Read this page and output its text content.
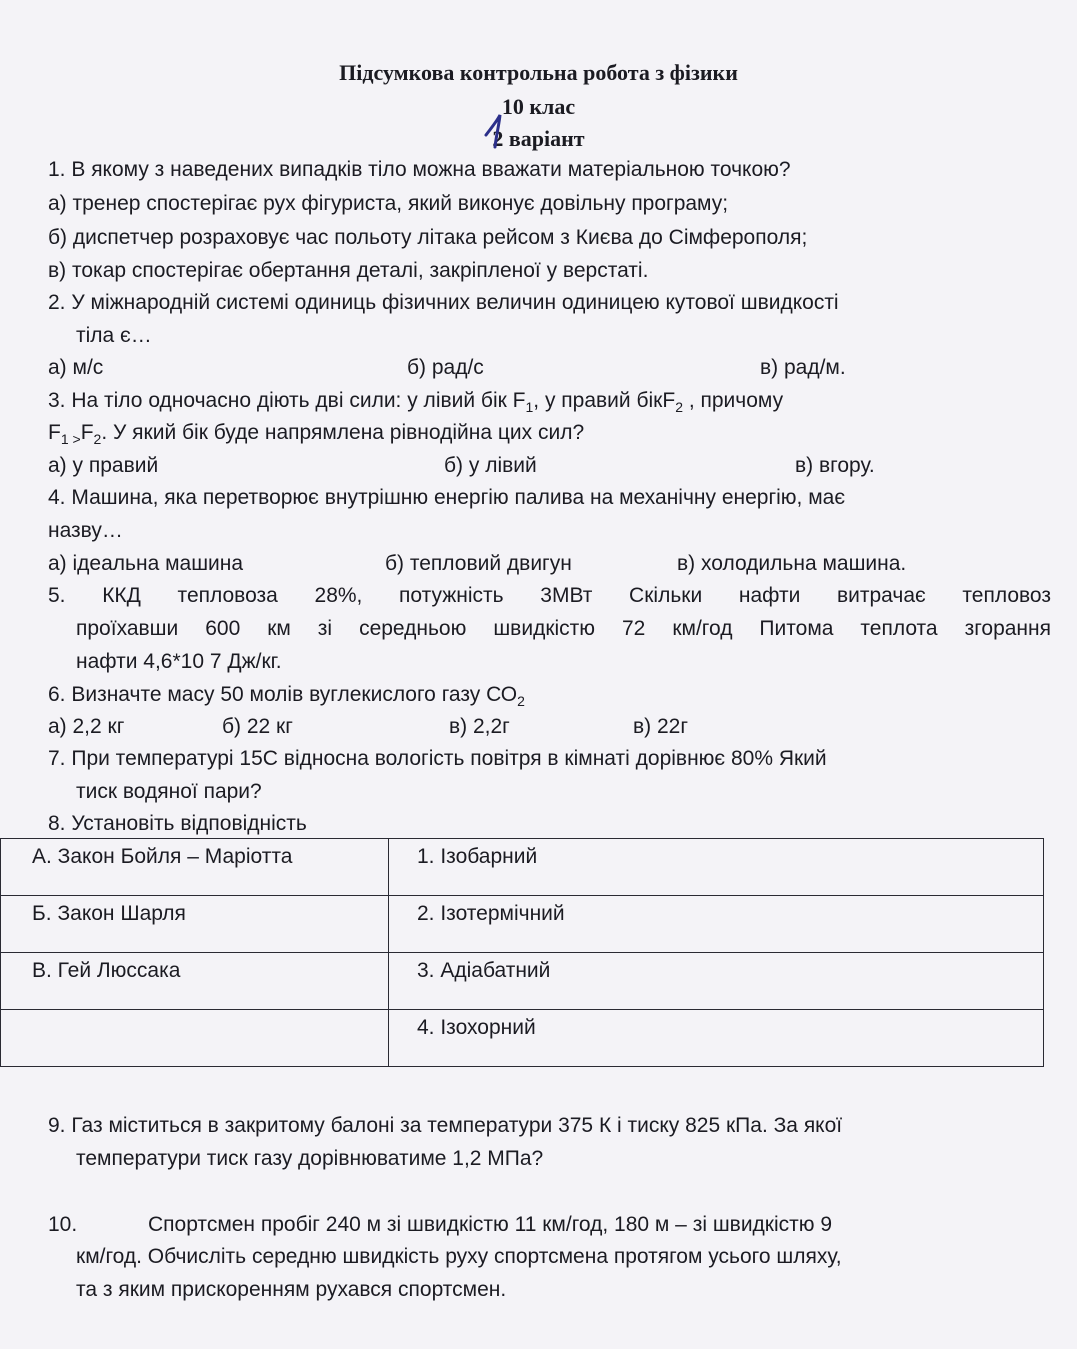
Підсумкова контрольна робота з фізики
10 клас
2 варіант
1. В якому з наведених випадків тіло можна вважати матеріальною точкою?
а) тренер спостерігає рух фігуриста, який виконує довільну програму;
б) диспетчер розраховує час польоту літака рейсом з Києва до Сімферополя;
в) токар спостерігає обертання деталі, закріпленої у верстаті.
2. У міжнародній системі одиниць фізичних величин одиницею кутової швидкості
тіла є…
а) м/с	б) рад/с	в) рад/м.
3. На тіло одночасно діють дві сили: у лівий бік $F_1$, у правий бікF$_2$ , причому
$F_{1 >}F_2$. У який бік буде напрямлена рівнодійна цих сил?
а) у правий	б) у лівий	в) вгору.
4. Машина, яка перетворює внутрішню енергію палива на механічну енергію, має
назву…
а) ідеальна машина	б) тепловий двигун	в) холодильна машина.
5. ККД тепловоза 28%, потужність 3МВт Скільки нафти витрачає тепловоз
проїхавши 600 км зі середньою швидкістю 72 км/год Питома теплота згорання
нафти 4,6*10 7 Дж/кг.
6. Визначте масу 50 молів вуглекислого газу $СО_2$
а) 2,2 кг	б) 22 кг	в) 2,2г	в) 22г
7. При температурі 15С відносна вологість повітря в кімнаті дорівнює 80% Який
тиск водяної пари?
8. Установіть відповідність
А. Закон Бойля – Маріотта	1. Ізобарний

Б. Закон Шарля	2. Ізотермічний

В. Гей Люссака	3. Адіабатний

	4. Ізохорний
9. Газ міститься в закритому балоні за температури 375 К і тиску 825 кПа. За якої
температури тиск газу дорівнюватиме 1,2 МПа?
10.	Спортсмен пробіг 240 м зі швидкістю 11 км/год, 180 м – зі швидкістю 9
км/год. Обчисліть середню швидкість руху спортсмена протягом усього шляху,
та з яким прискоренням рухався спортсмен.
